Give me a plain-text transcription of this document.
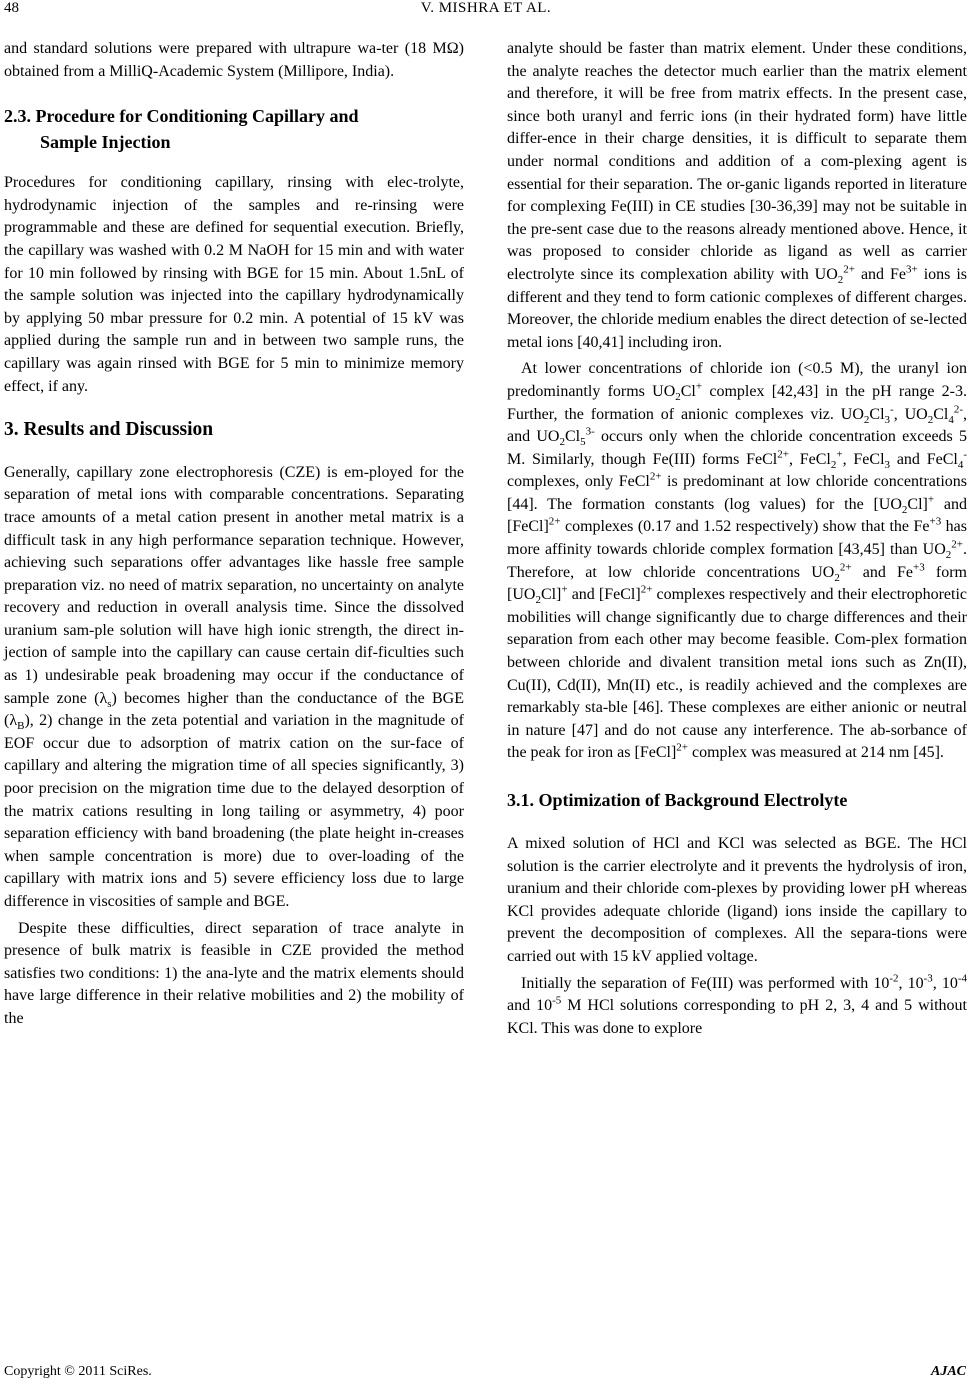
48	V. MISHRA ET AL.

and standard solutions were prepared with ultrapure wa-ter (18 MΩ) obtained from a MilliQ-Academic System (Millipore, India).

2.3. Procedure for Conditioning Capillary and
Sample Injection

Procedures for conditioning capillary, rinsing with elec-trolyte, hydrodynamic injection of the samples and re-rinsing were programmable and these are defined for sequential execution. Briefly, the capillary was washed with 0.2 M NaOH for 15 min and with water for 10 min followed by rinsing with BGE for 15 min. About 1.5nL of the sample solution was injected into the capillary hydrodynamically by applying 50 mbar pressure for 0.2 min. A potential of 15 kV was applied during the sample run and in between two sample runs, the capillary was again rinsed with BGE for 5 min to minimize memory effect, if any.

3. Results and Discussion

Generally, capillary zone electrophoresis (CZE) is em-ployed for the separation of metal ions with comparable concentrations. Separating trace amounts of a metal cation present in another metal matrix is a difficult task in any high performance separation technique. However, achieving such separations offer advantages like hassle free sample preparation viz. no need of matrix separation, no uncertainty on analyte recovery and reduction in overall analysis time. Since the dissolved uranium sam-ple solution will have high ionic strength, the direct in-jection of sample into the capillary can cause certain dif-ficulties such as 1) undesirable peak broadening may occur if the conductance of sample zone $(\lambda_s)$ becomes higher than the conductance of the BGE $(\lambda_B)$, 2) change in the zeta potential and variation in the magnitude of EOF occur due to adsorption of matrix cation on the sur-face of capillary and altering the migration time of all species significantly, 3) poor precision on the migration time due to the delayed desorption of the matrix cations resulting in long tailing or asymmetry, 4) poor separation efficiency with band broadening (the plate height in-creases when sample concentration is more) due to over-loading of the capillary with matrix ions and 5) severe efficiency loss due to large difference in viscosities of sample and BGE.

Despite these difficulties, direct separation of trace analyte in presence of bulk matrix is feasible in CZE provided the method satisfies two conditions: 1) the ana-lyte and the matrix elements should have large difference in their relative mobilities and 2) the mobility of the

analyte should be faster than matrix element. Under these conditions, the analyte reaches the detector much earlier than the matrix element and therefore, it will be free from matrix effects. In the present case, since both uranyl and ferric ions (in their hydrated form) have little differ-ence in their charge densities, it is difficult to separate them under normal conditions and addition of a com-plexing agent is essential for their separation. The or-ganic ligands reported in literature for complexing Fe(III) in CE studies [30-36,39] may not be suitable in the pre-sent case due to the reasons already mentioned above. Hence, it was proposed to consider chloride as ligand as well as carrier electrolyte since its complexation ability with $UO_2^{2+}$ and $Fe^{3+}$ ions is different and they tend to form cationic complexes of different charges. Moreover, the chloride medium enables the direct detection of se-lected metal ions [40,41] including iron.

At lower concentrations of chloride ion (<0.5 M), the uranyl ion predominantly forms $UO_2Cl^+$ complex [42,43] in the pH range 2-3. Further, the formation of anionic complexes viz. $UO_2Cl_3^-$, $UO_2Cl_4^{2-}$, and $UO_2Cl_5^{3-}$ occurs only when the chloride concentration exceeds 5 M. Similarly, though Fe(III) forms FeCl$^{2+}$, FeCl$_2$+, FeCl$_3$ and FeCl$_4$- complexes, only FeCl$^{2+}$ is predominant at low chloride concentrations [44]. The formation constants (log values) for the $[UO_2Cl]^+$ and [FeCl]$^{2+}$ complexes (0.17 and 1.52 respectively) show that the $Fe^{+3}$ has more affinity towards chloride complex formation [43,45] than $UO_2^{2+}$. Therefore, at low chloride concentrations $UO_2^{2+}$ and $Fe^{+3}$ form $[UO_2Cl]^+$ and [FeCl]$^{2+}$ complexes respectively and their electrophoretic mobilities will change significantly due to charge differences and their separation from each other may become feasible. Com-plex formation between chloride and divalent transition metal ions such as Zn(II), Cu(II), Cd(II), Mn(II) etc., is readily achieved and the complexes are remarkably sta-ble [46]. These complexes are either anionic or neutral in nature [47] and do not cause any interference. The ab-sorbance of the peak for iron as [FeCl]$^{2+}$ complex was measured at 214 nm [45].

3.1. Optimization of Background Electrolyte

A mixed solution of HCl and KCl was selected as BGE. The HCl solution is the carrier electrolyte and it prevents the hydrolysis of iron, uranium and their chloride com-plexes by providing lower pH whereas KCl provides adequate chloride (ligand) ions inside the capillary to prevent the decomposition of complexes. All the separa-tions were carried out with 15 kV applied voltage.

Initially the separation of Fe(III) was performed with $10^{-2}$, $10^{-3}$, $10^{-4}$ and $10^{-5}$ M HCl solutions corresponding to pH 2, 3, 4 and 5 without KCl. This was done to explore

Copyright © 2011 SciRes.	AJAC
